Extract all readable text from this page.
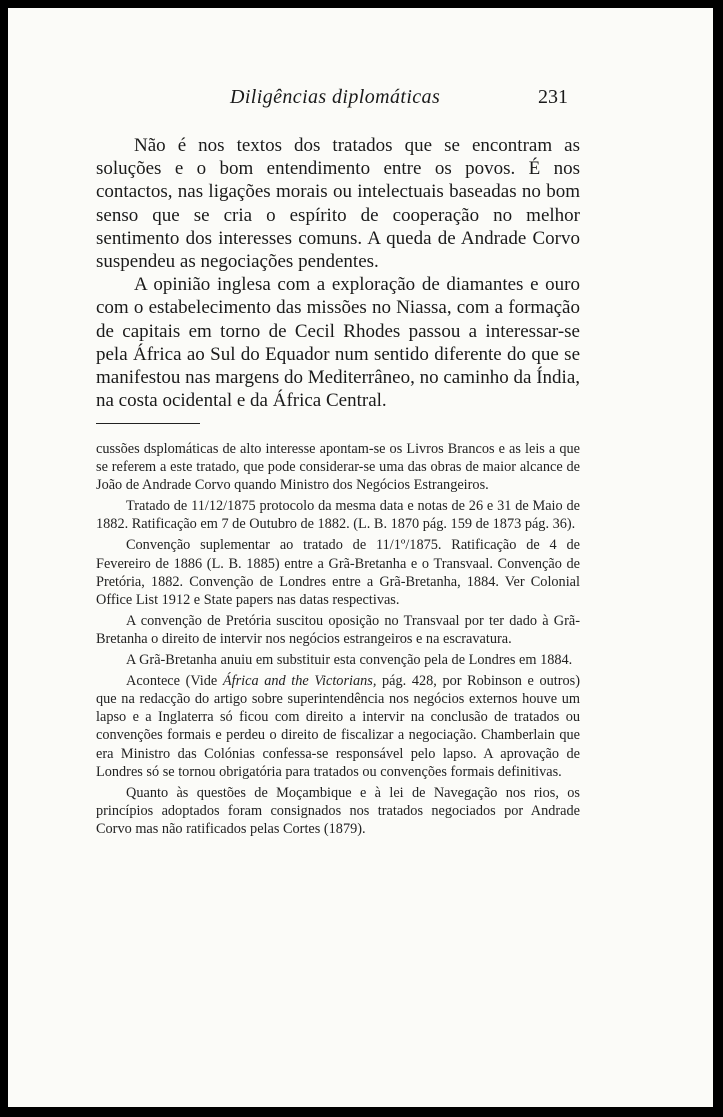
Diligências diplomáticas	231

Não é nos textos dos tratados que se encontram as soluções e o bom entendimento entre os povos. É nos contactos, nas ligações morais ou intelectuais baseadas no bom senso que se cria o espírito de cooperação no melhor sentimento dos interesses comuns. A queda de Andrade Corvo suspendeu as negociações pendentes.

A opinião inglesa com a exploração de diamantes e ouro com o estabelecimento das missões no Niassa, com a formação de capitais em torno de Cecil Rhodes passou a interessar-se pela África ao Sul do Equador num sentido diferente do que se manifestou nas margens do Mediterrâneo, no caminho da Índia, na costa ocidental e da África Central.

cussões dsplomáticas de alto interesse apontam-se os Livros Brancos e as leis a que se referem a este tratado, que pode considerar-se uma das obras de maior alcance de João de Andrade Corvo quando Ministro dos Negócios Estrangeiros.

Tratado de 11/12/1875 protocolo da mesma data e notas de 26 e 31 de Maio de 1882. Ratificação em 7 de Outubro de 1882. (L. B. 1870 pág. 159 de 1873 pág. 36).

Convenção suplementar ao tratado de 11/1º/1875. Ratificação de 4 de Fevereiro de 1886 (L. B. 1885) entre a Grã-Bretanha e o Transvaal. Convenção de Pretória, 1882. Convenção de Londres entre a Grã-Bretanha, 1884. Ver Colonial Office List 1912 e State papers nas datas respectivas.

A convenção de Pretória suscitou oposição no Transvaal por ter dado à Grã-Bretanha o direito de intervir nos negócios estrangeiros e na escravatura.

A Grã-Bretanha anuiu em substituir esta convenção pela de Londres em 1884.

Acontece (Vide África and the Victorians, pág. 428, por Robinson e outros) que na redacção do artigo sobre superintendência nos negócios externos houve um lapso e a Inglaterra só ficou com direito a intervir na conclusão de tratados ou convenções formais e perdeu o direito de fiscalizar a negociação. Chamberlain que era Ministro das Colónias confessa-se responsável pelo lapso. A aprovação de Londres só se tornou obrigatória para tratados ou convenções formais definitivas.

Quanto às questões de Moçambique e à lei de Navegação nos rios, os princípios adoptados foram consignados nos tratados negociados por Andrade Corvo mas não ratificados pelas Cortes (1879).
